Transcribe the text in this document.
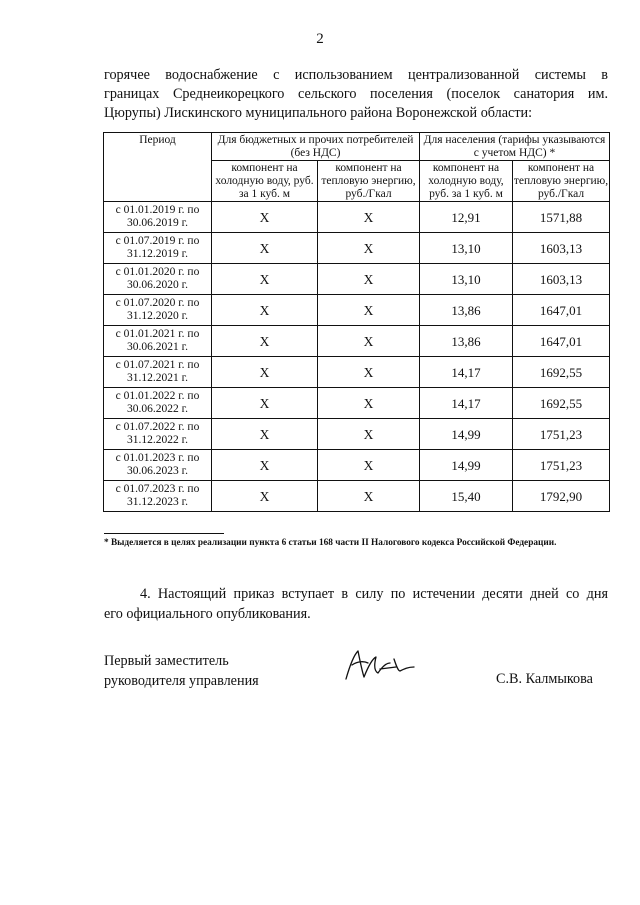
2
горячее водоснабжение с использованием централизованной системы в
границах Среднеикорецкого сельского поселения (поселок санатория им.
Цюрупы) Лискинского муниципального района Воронежской области:
Период	Для бюджетных и прочих потребителей (без НДС)		Для населения (тарифы указываются с учетом НДС) *	
	компонент на холодную воду, руб. за 1 куб. м	компонент на тепловую энергию, руб./Гкал	компонент на холодную воду, руб. за 1 куб. м	компонент на тепловую энергию, руб./Гкал
с 01.01.2019 г. по 30.06.2019 г.	Х	Х	12,91	1571,88
с 01.07.2019 г. по 31.12.2019 г.	Х	Х	13,10	1603,13
с 01.01.2020 г. по 30.06.2020 г.	Х	Х	13,10	1603,13
с 01.07.2020 г. по 31.12.2020 г.	Х	Х	13,86	1647,01
с 01.01.2021 г. по 30.06.2021 г.	Х	Х	13,86	1647,01
с 01.07.2021 г. по 31.12.2021 г.	Х	Х	14,17	1692,55
с 01.01.2022 г. по 30.06.2022 г.	Х	Х	14,17	1692,55
с 01.07.2022 г. по 31.12.2022 г.	Х	Х	14,99	1751,23
с 01.01.2023 г. по 30.06.2023 г.	Х	Х	14,99	1751,23
с 01.07.2023 г. по 31.12.2023 г.	Х	Х	15,40	1792,90
* Выделяется в целях реализации пункта 6 статьи 168 части II Налогового кодекса Российской Федерации.
4. Настоящий приказ вступает в силу по истечении десяти дней со дня
его официального опубликования.
Первый заместитель
руководителя управления	С.В. Калмыкова
